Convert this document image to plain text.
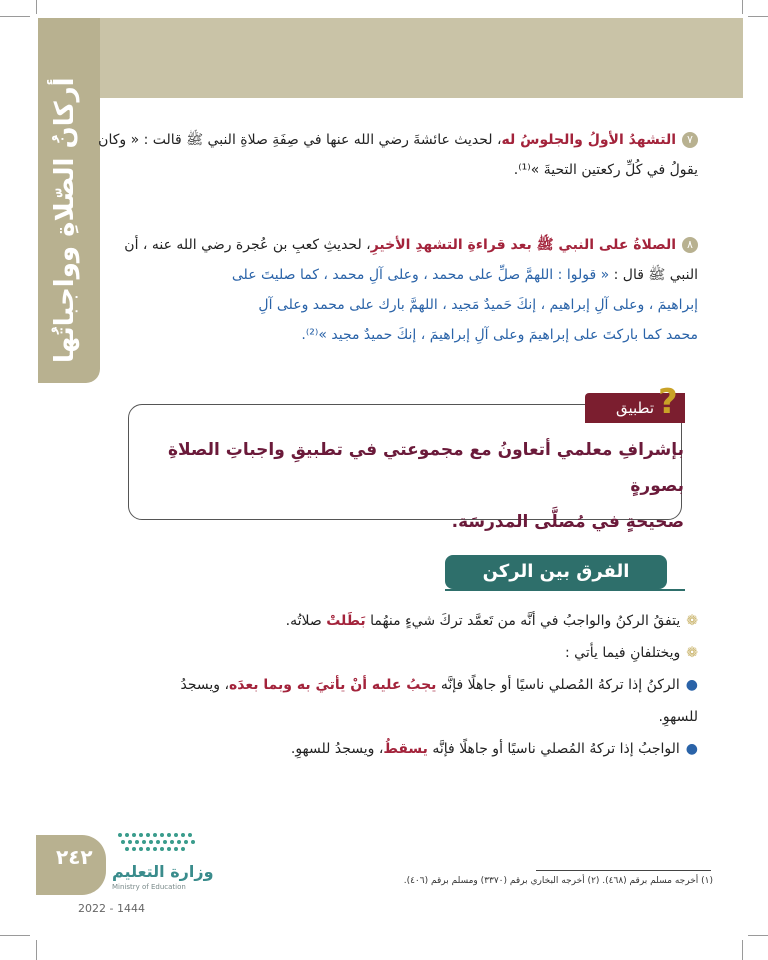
أركانُ الصّلاةِ وواجباتُها	٧التشهدُ الأولُ والجلوسُ له، لحديث عائشةَ رضي الله عنها في صِفَةِ صلاةِ النبي ﷺ قالت : « وكان
يقولُ في كُلِّ ركعتين التحيةَ »⁽¹⁾.
٨الصلاةُ على النبي ﷺ بعد قراءةِ التشهدِ الأخيرِ، لحديثِ كعبِ بن عُجرة رضي الله عنه ، أن
النبي ﷺ قال : « قولوا : اللهمَّ صلِّ على محمد ، وعلى آلِ محمد ، كما صليتَ على
إبراهيمَ ، وعلى آلِ إبراهيم ، إنكَ حَميدٌ مَجيد ، اللهمَّ بارك على محمد وعلى آلِ
محمد كما باركتَ على إبراهيمَ وعلى آلِ إبراهيمَ ، إنكَ حميدٌ مجيد »⁽²⁾.
تطبيق ?
بإشرافِ معلمي أتعاونُ مع مجموعتي في تطبيقِ واجباتِ الصلاةِ بصورةٍ
صحيحةٍ في مُصلَّى المدرسَة.
الفرق بين الركن والواجب
❁يتفقُ الركنُ والواجبُ في أنَّه من تَعمَّد تركَ شيءٍ منهُما بَطَلتْ صلاتُه.
❁ويختلفانِ فيما يأتي :
●الركنُ إذا تركهُ المُصلي ناسيًا أو جاهلًا فإنَّه يجبُ عليه أنْ يأتيَ به وبما بعدَه، ويسجدُ
للسهوِ.
●الواجبُ إذا تركهُ المُصلي ناسيًا أو جاهلًا فإنَّه يسقطُ، ويسجدُ للسهوِ.
٢٤٢
وزارة التعليم
Ministry of Education
2022 - 1444
(١) أخرجه مسلم برقم (٤٦٨). (٢) أخرجه البخاري برقم (٣٣٧٠) ومسلم برقم (٤٠٦).
